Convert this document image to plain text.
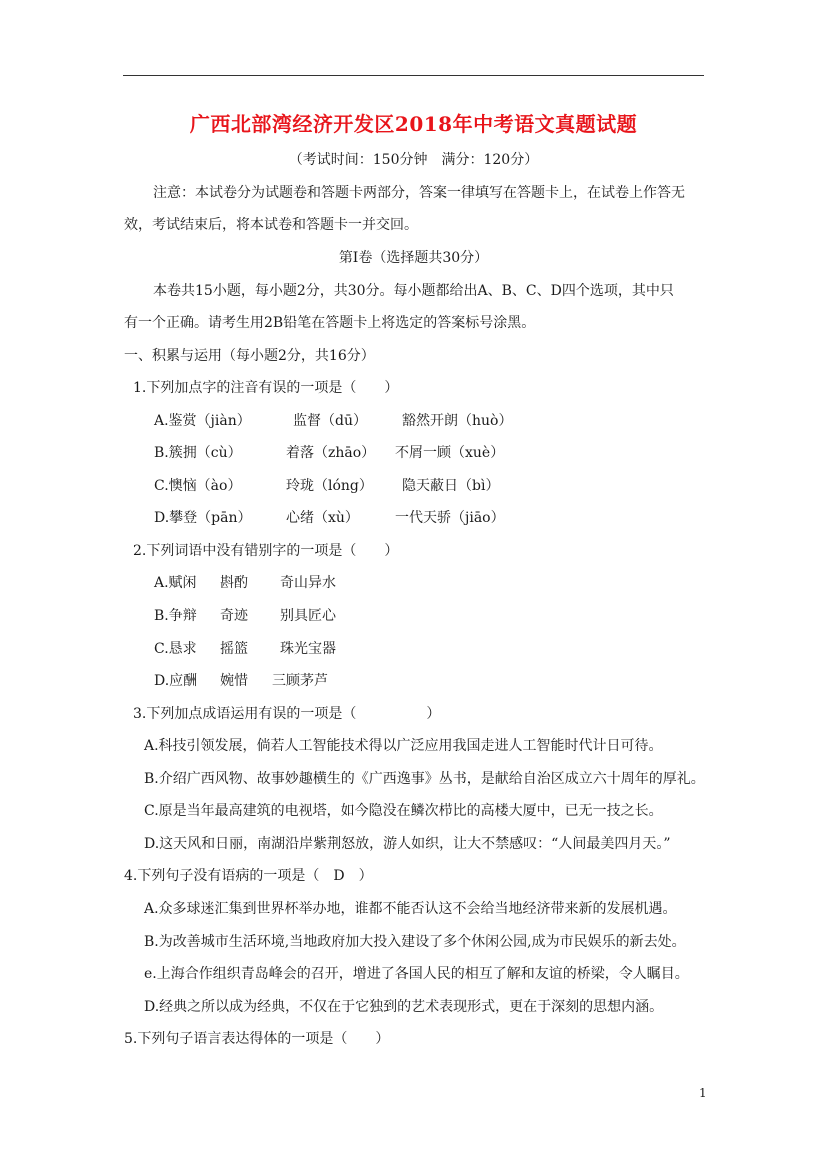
广西北部湾经济开发区2018年中考语文真题试题
（考试时间：150分钟　满分：120分）
注意：本试卷分为试题卷和答题卡两部分，答案一律填写在答题卡上，在试卷上作答无
效，考试结束后，将本试卷和答题卡一并交回。
第Ⅰ卷（选择题共30分）
本卷共15小题，每小题2分，共30分。每小题都给出A、B、C、D四个选项，其中只
有一个正确。请考生用2B铅笔在答题卡上将选定的答案标号涂黑。
一、积累与运用（每小题2分，共16分）
1.下列加点字的注音有误的一项是（　　）
A.鉴赏（jiàn）	监督（dū）	豁然开朗（huò）
B.簇拥（cù）	着落（zhāo） 不屑一顾（xuè）
C.懊恼（ào）	玲珑（lóng） 隐天蔽日（bì）
D.攀登（pān） 心绪（xù）	一代天骄（jiāo）
2.下列词语中没有错别字的一项是（　　）
A.赋闲 斟酌 奇山异水
B.争辩 奇迹 别具匠心
C.恳求 摇篮 珠光宝器
D.应酬 婉惜 三顾茅芦
3.下列加点成语运用有误的一项是（　　　　　）
A.科技引领发展，倘若人工智能技术得以广泛应用我国走进人工智能时代计日可待。
B.介绍广西风物、故事妙趣横生的《广西逸事》丛书，是献给自治区成立六十周年的厚礼。
C.原是当年最高建筑的电视塔，如今隐没在鳞次栉比的高楼大厦中，已无一技之长。
D.这天风和日丽，南湖沿岸紫荆怒放，游人如织，让大不禁感叹：“人间最美四月天。”
4.下列句子没有语病的一项是（　D　）
A.众多球迷汇集到世界杯举办地，谁都不能否认这不会给当地经济带来新的发展机遇。
B.为改善城市生活环境,当地政府加大投入建设了多个休闲公园,成为市民娱乐的新去处。
e.上海合作组织青岛峰会的召开，增进了各国人民的相互了解和友谊的桥梁，令人瞩目。
D.经典之所以成为经典，不仅在于它独到的艺术表现形式，更在于深刻的思想内涵。
5.下列句子语言表达得体的一项是（　　）
1
